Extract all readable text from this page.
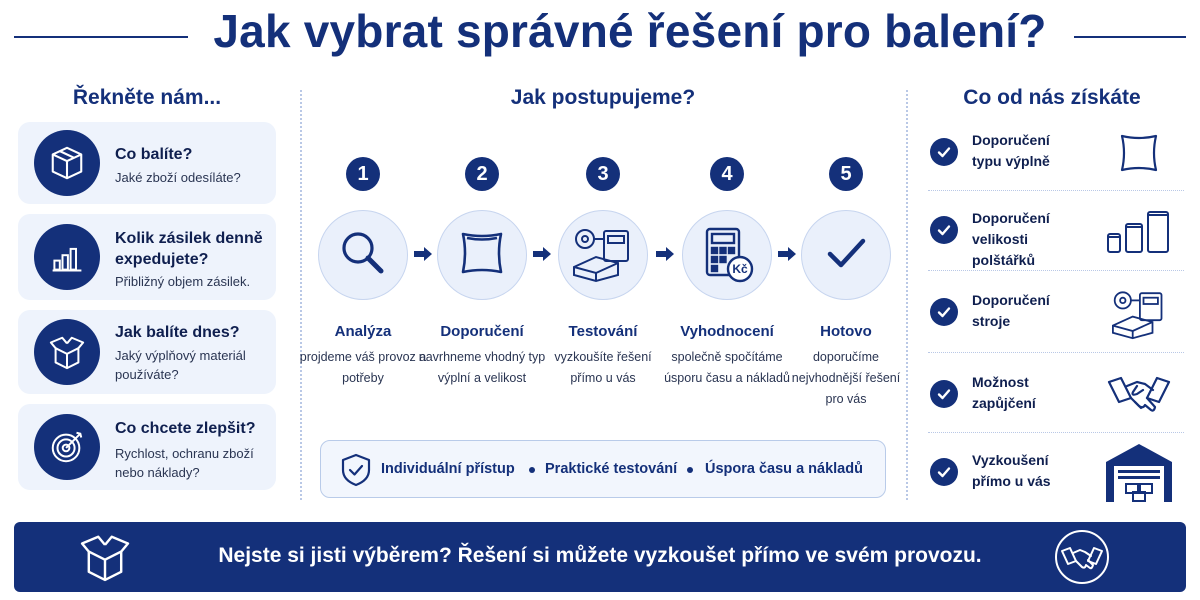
Jak vybrat správné řešení pro balení?
Řekněte nám...
Co balíte?
Jaké zboží odesíláte?
Kolik zásilek denně expedujete?
Přibližný objem zásilek.
Jak balíte dnes?
Jaký výplňový materiál používáte?
Co chcete zlepšit?
Rychlost, ochranu zboží nebo náklady?
Jak postupujeme?
1
Analýza
projdeme váš provoz a potřeby
2
Doporučení
navrhneme vhodný typ výplní a velikost
3
Testování
vyzkoušíte řešení přímo u vás
4
Kč
Vyhodnocení
společně spočítáme úsporu času a nákladů
5
Hotovo
doporučíme nejvhodnější řešení pro vás
Individuální přístup Praktické testování Úspora času a nákladů
Co od nás získáte
Doporučení typu výplně
Doporučení velikosti polštářků
Doporučení stroje
Možnost zapůjčení
Vyzkoušení přímo u vás
Nejste si jisti výběrem? Řešení si můžete vyzkoušet přímo ve svém provozu.
